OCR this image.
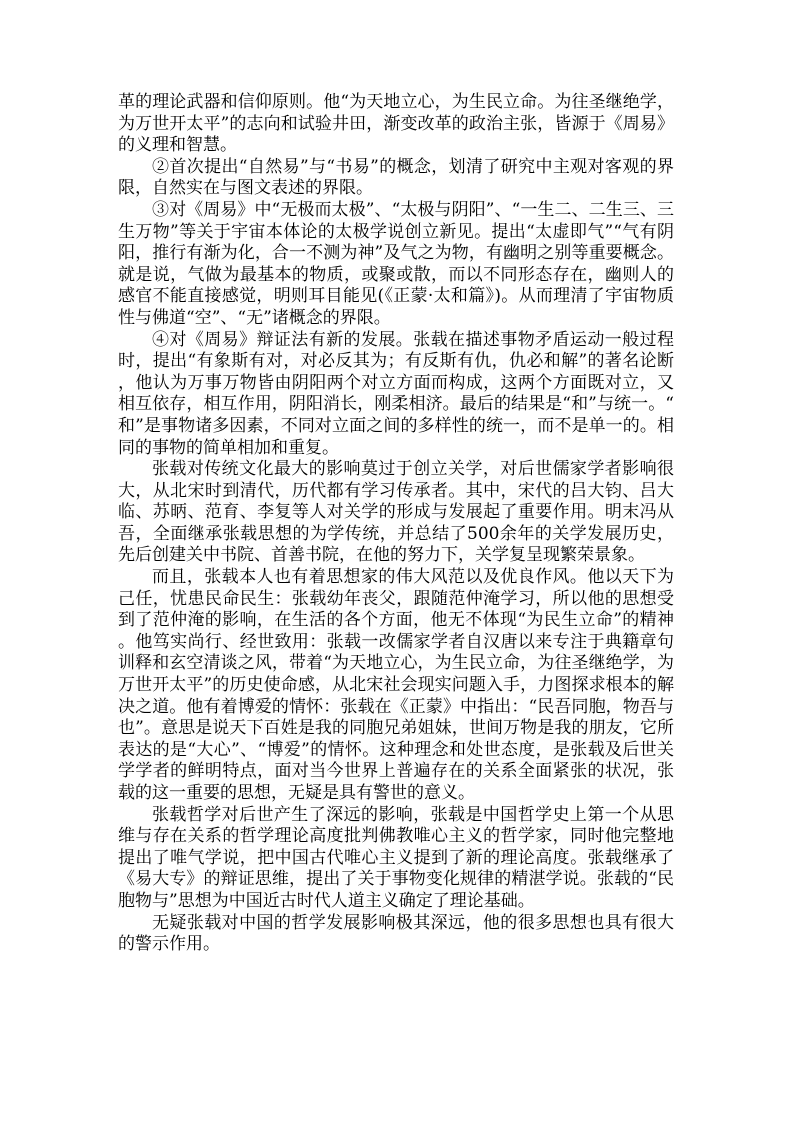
革的理论武器和信仰原则。他“为天地立心，为生民立命。为往圣继绝学，为万世开太平”的志向和试验井田，渐变改革的政治主张，皆源于《周易》的义理和智慧。

②首次提出“自然易”与“书易”的概念，划清了研究中主观对客观的界限，自然实在与图文表述的界限。

③对《周易》中“无极而太极”、“太极与阴阳”、“一生二、二生三、三生万物”等关于宇宙本体论的太极学说创立新见。提出“太虚即气”“气有阴阳，推行有渐为化，合一不测为神”及气之为物，有幽明之别等重要概念。就是说，气做为最基本的物质，或聚或散，而以不同形态存在，幽则人的感官不能直接感觉，明则耳目能见(《正蒙·太和篇》)。从而理清了宇宙物质性与佛道“空”、“无”诸概念的界限。

④对《周易》辩证法有新的发展。张载在描述事物矛盾运动一般过程时，提出“有象斯有对，对必反其为；有反斯有仇，仇必和解”的著名论断，他认为万事万物皆由阴阳两个对立方面而构成，这两个方面既对立，又相互依存，相互作用，阴阳消长，刚柔相济。最后的结果是“和”与统一。“和”是事物诸多因素，不同对立面之间的多样性的统一，而不是单一的。相同的事物的简单相加和重复。

张载对传统文化最大的影响莫过于创立关学，对后世儒家学者影响很大，从北宋时到清代，历代都有学习传承者。其中，宋代的吕大钧、吕大临、苏昞、范育、李复等人对关学的形成与发展起了重要作用。明末冯从吾，全面继承张载思想的为学传统，并总结了500余年的关学发展历史，先后创建关中书院、首善书院，在他的努力下，关学复呈现繁荣景象。

而且，张载本人也有着思想家的伟大风范以及优良作风。他以天下为己任，忧患民命民生：张载幼年丧父，跟随范仲淹学习，所以他的思想受到了范仲淹的影响，在生活的各个方面，他无不体现“为民生立命”的精神。他笃实尚行、经世致用：张载一改儒家学者自汉唐以来专注于典籍章句训释和玄空清谈之风，带着“为天地立心，为生民立命，为往圣继绝学，为万世开太平”的历史使命感，从北宋社会现实问题入手，力图探求根本的解决之道。他有着博爱的情怀：张载在《正蒙》中指出：“民吾同胞，物吾与也”。意思是说天下百姓是我的同胞兄弟姐妹，世间万物是我的朋友，它所表达的是“大心”、“博爱”的情怀。这种理念和处世态度，是张载及后世关学学者的鲜明特点，面对当今世界上普遍存在的关系全面紧张的状况，张载的这一重要的思想，无疑是具有警世的意义。

张载哲学对后世产生了深远的影响，张载是中国哲学史上第一个从思维与存在关系的哲学理论高度批判佛教唯心主义的哲学家，同时他完整地提出了唯气学说，把中国古代唯心主义提到了新的理论高度。张载继承了《易大专》的辩证思维，提出了关于事物变化规律的精湛学说。张载的“民胞物与”思想为中国近古时代人道主义确定了理论基础。

无疑张载对中国的哲学发展影响极其深远，他的很多思想也具有很大的警示作用。
